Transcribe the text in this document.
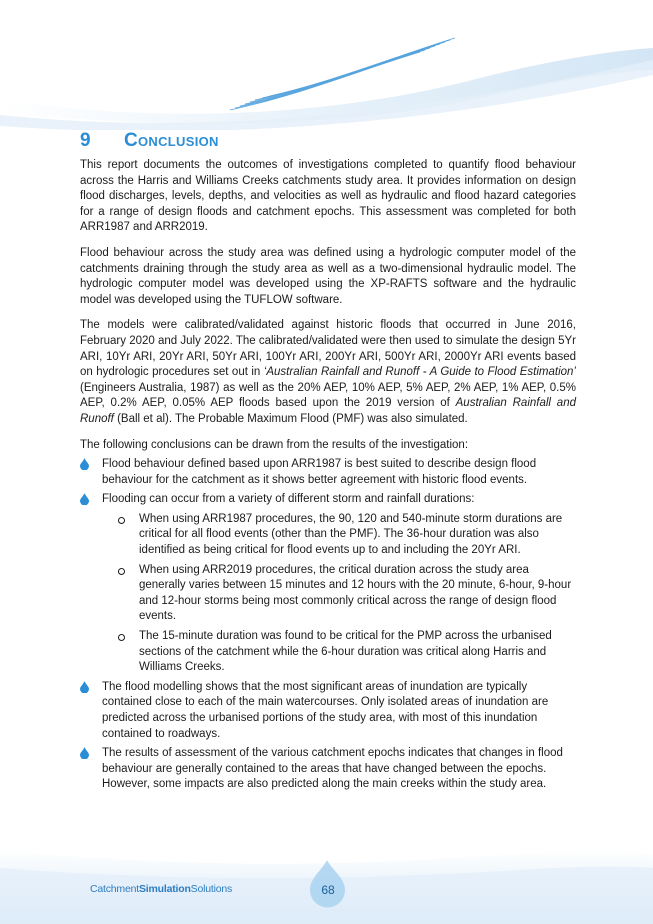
9	Conclusion

This report documents the outcomes of investigations completed to quantify flood behaviour across the Harris and Williams Creeks catchments study area. It provides information on design flood discharges, levels, depths, and velocities as well as hydraulic and flood hazard categories for a range of design floods and catchment epochs. This assessment was completed for both ARR1987 and ARR2019.

Flood behaviour across the study area was defined using a hydrologic computer model of the catchments draining through the study area as well as a two-dimensional hydraulic model. The hydrologic computer model was developed using the XP-RAFTS software and the hydraulic model was developed using the TUFLOW software.

The models were calibrated/validated against historic floods that occurred in June 2016, February 2020 and July 2022. The calibrated/validated were then used to simulate the design 5Yr ARI, 10Yr ARI, 20Yr ARI, 50Yr ARI, 100Yr ARI, 200Yr ARI, 500Yr ARI, 2000Yr ARI events based on hydrologic procedures set out in ‘Australian Rainfall and Runoff - A Guide to Flood Estimation’ (Engineers Australia, 1987) as well as the 20% AEP, 10% AEP, 5% AEP, 2% AEP, 1% AEP, 0.5% AEP, 0.2% AEP, 0.05% AEP floods based upon the 2019 version of Australian Rainfall and Runoff (Ball et al). The Probable Maximum Flood (PMF) was also simulated.

The following conclusions can be drawn from the results of the investigation:

Flood behaviour defined based upon ARR1987 is best suited to describe design flood behaviour for the catchment as it shows better agreement with historic flood events.
Flooding can occur from a variety of different storm and rainfall durations:
When using ARR1987 procedures, the 90, 120 and 540-minute storm durations are critical for all flood events (other than the PMF). The 36-hour duration was also identified as being critical for flood events up to and including the 20Yr ARI.
When using ARR2019 procedures, the critical duration across the study area generally varies between 15 minutes and 12 hours with the 20 minute, 6-hour, 9-hour and 12-hour storms being most commonly critical across the range of design flood events.
The 15-minute duration was found to be critical for the PMP across the urbanised sections of the catchment while the 6-hour duration was critical along Harris and Williams Creeks.
The flood modelling shows that the most significant areas of inundation are typically contained close to each of the main watercourses. Only isolated areas of inundation are predicted across the urbanised portions of the study area, with most of this inundation contained to roadways.
The results of assessment of the various catchment epochs indicates that changes in flood behaviour are generally contained to the areas that have changed between the epochs. However, some impacts are also predicted along the main creeks within the study area.
CatchmentSimulationSolutions	68
